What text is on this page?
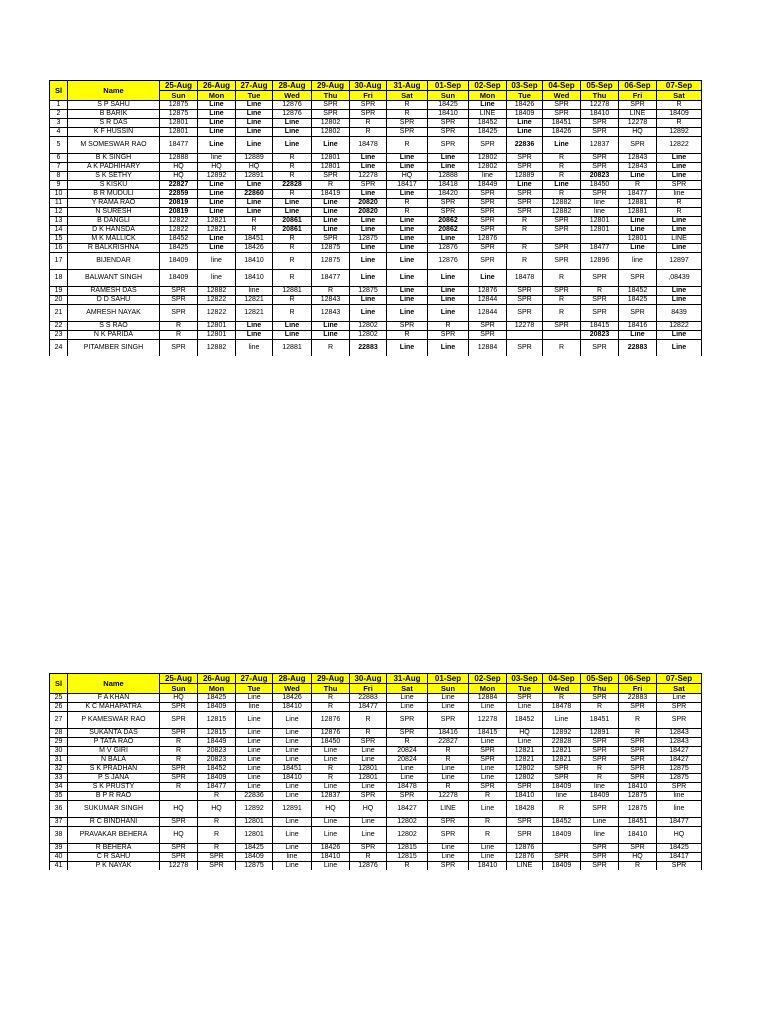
Sl	Name	25-Aug	26-Aug	27-Aug	28-Aug	29-Aug	30-Aug	31-Aug	01-Sep	02-Sep	03-Sep	04-Sep	05-Sep	06-Sep	07-Sep
		Sun	Mon	Tue	Wed	Thu	Fri	Sat	Sun	Mon	Tue	Wed	Thu	Fri	Sat
1	S P SAHU	12875	Line	Line	12876	SPR	SPR	R	18425	Line	18426	SPR	12278	SPR	R
2	B BARIK	12875	Line	Line	12876	SPR	SPR	R	18410	LINE	18409	SPR	18410	LINE	18409
3	S R DAS	12801	Line	Line	Line	12802	R	SPR	SPR	18452	Line	18451	SPR	12278	R
4	K F HUSSIN	12801	Line	Line	Line	12802	R	SPR	SPR	18425	Line	18426	SPR	HQ	12892
5	M SOMESWAR RAO	18477	Line	Line	Line	Line	18478	R	SPR	SPR	22836	Line	12837	SPR	12822
6	B K SINGH	12888	line	12889	R	12801	Line	Line	Line	12802	SPR	R	SPR	12843	Line
7	A K PADHIHARY	HQ	HQ	HQ	R	12801	Line	Line	Line	12802	SPR	R	SPR	12843	Line
8	S K SETHY	HQ	12892	12891	R	SPR	12278	HQ	12888	line	12889	R	20823	Line	Line
9	S KISKU	22827	Line	Line	22828	R	SPR	18417	18418	18449	Line	Line	18450	R	SPR
10	B R MUDULI	22859	Line	22860	R	18419	Line	Line	18420	SPR	SPR	R	SPR	18477	line
11	Y RAMA RAO	20819	Line	Line	Line	Line	20820	R	SPR	SPR	SPR	12882	line	12881	R
12	N SURESH	20819	Line	Line	Line	Line	20820	R	SPR	SPR	SPR	12882	line	12881	R
13	B DANGLI	12822	12821	R	20861	Line	Line	Line	20862	SPR	R	SPR	12801	Line	Line
14	D K HANSDA	12822	12821	R	20861	Line	Line	Line	20862	SPR	R	SPR	12801	Line	Line
15	M K MALLICK	18452	Line	18451	R	SPR	12875	Line	Line	12876				12801	LINE
16	R BALKRISHNA	18425	Line	18426	R	12875	Line	Line	12876	SPR	R	SPR	18477	Line	Line
17	BIJENDAR	18409	line	18410	R	12875	Line	Line	12876	SPR	R	SPR	12896	line	12897
18	BALWANT SINGH	18409	line	18410	R	18477	Line	Line	Line	Line	18478	R	SPR	SPR	,08439
19	RAMESH DAS	SPR	12882	line	12881	R	12875	Line	Line	12876	SPR	SPR	R	18452	Line
20	D D SAHU	SPR	12822	12821	R	12843	Line	Line	Line	12844	SPR	R	SPR	18425	Line
21	AMRESH NAYAK	SPR	12822	12821	R	12843	Line	Line	Line	12844	SPR	R	SPR	SPR	8439
22	S S RAO	R	12801	Line	Line	Line	12802	SPR	R	SPR	12278	SPR	18415	18416	12822
23	N K PARIDA	R	12801	Line	Line	Line	12802	R	SPR	SPR			20823	Line	Line
24	PITAMBER SINGH	SPR	12882	line	12881	R	22883	Line	Line	12884	SPR	R	SPR	22883	Line
Sl	Name	25-Aug	26-Aug	27-Aug	28-Aug	29-Aug	30-Aug	31-Aug	01-Sep	02-Sep	03-Sep	04-Sep	05-Sep	06-Sep	07-Sep
		Sun	Mon	Tue	Wed	Thu	Fri	Sat	Sun	Mon	Tue	Wed	Thu	Fri	Sat
25	F A KHAN	HQ	18425	Line	18426	R	22883	Line	Line	12884	SPR	R	SPR	22883	Line
26	K C MAHAPATRA	SPR	18409	line	18410	R	18477	Line	Line	Line	Line	18478	R	SPR	SPR
27	P KAMESWAR RAO	SPR	12815	Line	Line	12876	R	SPR	SPR	12278	18452	Line	18451	R	SPR
28	SUKANTA DAS	SPR	12815	Line	Line	12876	R	SPR	18416	18415	HQ	12892	12891	R	12843
29	P TATA RAO	R	18449	Line	Line	18450	SPR	R	22827	Line	Line	22828	SPR	SPR	12843
30	M V GIRI	R	20823	Line	Line	Line	Line	20824	R	SPR	12821	12821	SPR	SPR	18427
31	N BALA	R	20823	Line	Line	Line	Line	20824	R	SPR	12821	12821	SPR	SPR	18427
32	S K PRADHAN	SPR	18452	Line	18451	R	12801	Line	Line	Line	12802	SPR	R	SPR	12875
33	P S JANA	SPR	18409	Line	18410	R	12801	Line	Line	Line	12802	SPR	R	SPR	12875
34	S K PRUSTY	R	18477	Line	Line	Line	Line	18478	R	SPR	SPR	18409	line	18410	SPR
35	B P R RAO		R	22836	Line	12837	SPR	SPR	12278	R	18410	line	18409	12875	line
36	SUKUMAR SINGH	HQ	HQ	12892	12891	HQ	HQ	18427	LINE	Line	18428	R	SPR	12875	line
37	R C BINDHANI	SPR	R	12801	Line	Line	Line	12802	SPR	R	SPR	18452	Line	18451	18477
38	PRAVAKAR BEHERA	HQ	R	12801	Line	Line	Line	12802	SPR	R	SPR	18409	line	18410	HQ
39	R BEHERA	SPR	R	18425	Line	18426	SPR	12815	Line	Line	12876		SPR	SPR	18425
40	C R SAHU	SPR	SPR	18409	line	18410	R	12815	Line	Line	12876	SPR	SPR	HQ	18417
41	P K NAYAK	12278	SPR	12875	Line	Line	12876	R	SPR	18410	LINE	18409	SPR	R	SPR
